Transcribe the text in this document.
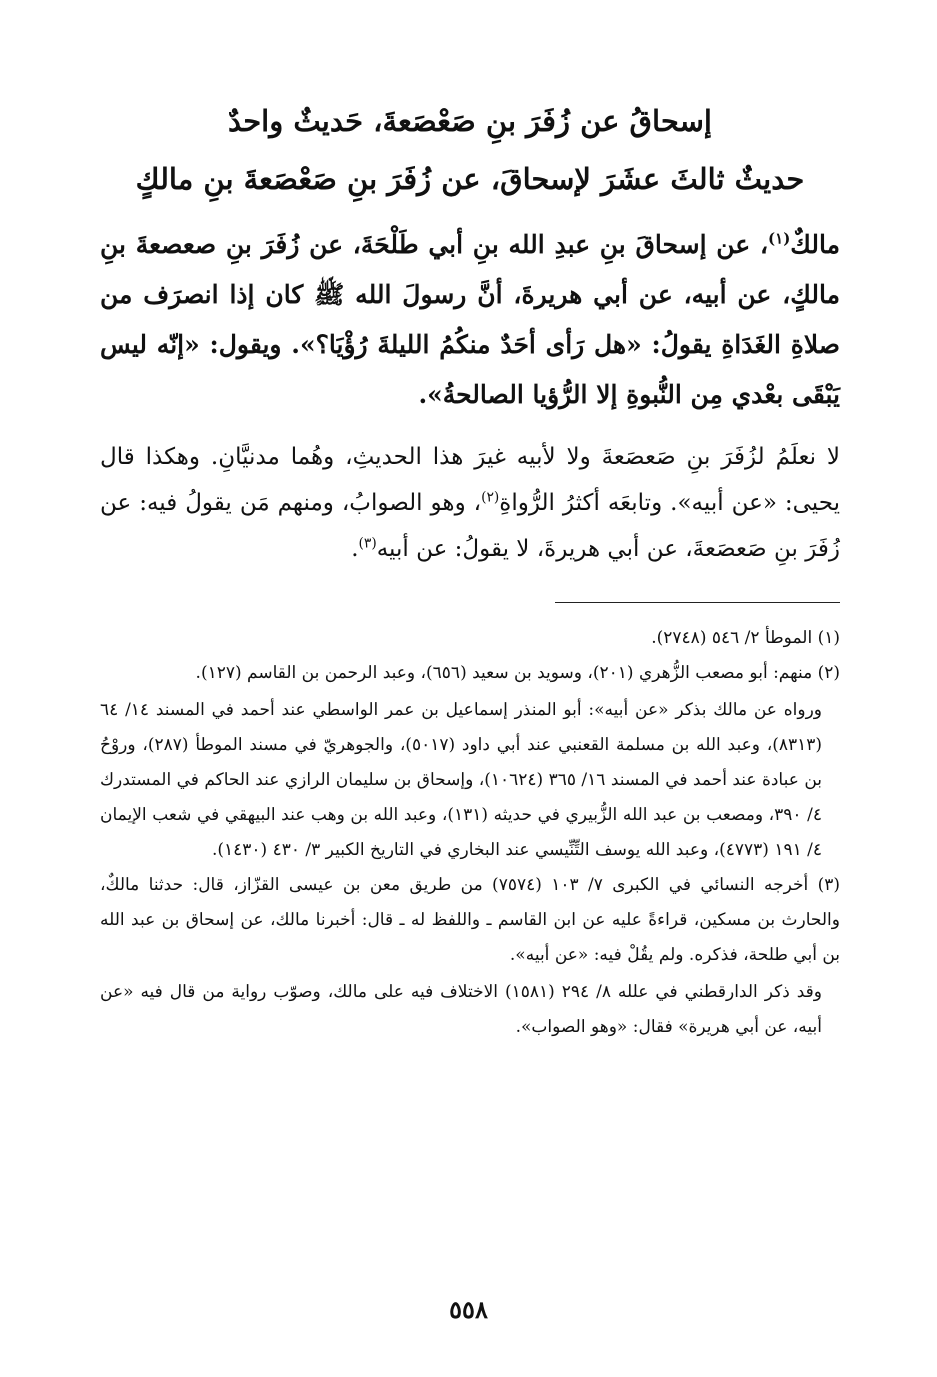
إسحاقُ عن زُفَرَ بنِ صَعْصَعةَ، حَديثٌ واحدٌ
حديثٌ ثالثَ عشَرَ لإسحاقَ، عن زُفَرَ بنِ صَعْصَعةَ بنِ مالكٍ

مالكٌ$^{(١)}$، عن إسحاقَ بنِ عبدِ الله بنِ أبي طَلْحَةَ، عن زُفَرَ بنِ صعصعةَ بنِ مالكٍ، عن أبيه، عن أبي هريرةَ، أنَّ رسولَ الله ﷺ كان إذا انصرَف من صلاةِ الغَدَاةِ يقولُ: «هل رَأى أحَدٌ منكُمُ الليلةَ رُؤْيَا؟». ويقول: «إنّه ليس يَبْقَى بعْدي مِن النُّبوةِ إلا الرُّؤيا الصالحةُ».

لا نعلَمُ لزُفَرَ بنِ صَعصَعةَ ولا لأبيه غيرَ هذا الحديثِ، وهُما مدنيَّانِ. وهكذا قال يحيى: «عن أبيه». وتابعَه أكثرُ الرُّواةِ$^{(٢)}$، وهو الصوابُ، ومنهم مَن يقولُ فيه: عن زُفَرَ بنِ صَعصَعةَ، عن أبي هريرةَ، لا يقولُ: عن أبيه$^{(٣)}$.

(١) الموطأ ٢/ ٥٤٦ (٢٧٤٨).

(٢) منهم: أبو مصعب الزُّهري (٢٠١)، وسويد بن سعيد (٦٥٦)، وعبد الرحمن بن القاسم (١٢٧).

ورواه عن مالك بذكر «عن أبيه»: أبو المنذر إسماعيل بن عمر الواسطي عند أحمد في المسند ١٤/ ٦٤ (٨٣١٣)، وعبد الله بن مسلمة القعنبي عند أبي داود (٥٠١٧)، والجوهريّ في مسند الموطأ (٢٨٧)، وروْحُ بن عبادة عند أحمد في المسند ١٦/ ٣٦٥ (١٠٦٢٤)، وإسحاق بن سليمان الرازي عند الحاكم في المستدرك ٤/ ٣٩٠، ومصعب بن عبد الله الزُّبيري في حديثه (١٣١)، وعبد الله بن وهب عند البيهقي في شعب الإيمان ٤/ ١٩١ (٤٧٧٣)، وعبد الله يوسف التِّنِّيسي عند البخاري في التاريخ الكبير ٣/ ٤٣٠ (١٤٣٠).

(٣) أخرجه النسائي في الكبرى ٧/ ١٠٣ (٧٥٧٤) من طريق معن بن عيسى القزّاز، قال: حدثنا مالكٌ، والحارث بن مسكين، قراءةً عليه عن ابن القاسم ـ واللفظ له ـ قال: أخبرنا مالك، عن إسحاق بن عبد الله بن أبي طلحة، فذكره. ولم يقُلْ فيه: «عن أبيه».

وقد ذكر الدارقطني في علله ٨/ ٢٩٤ (١٥٨١) الاختلاف فيه على مالك، وصوّب رواية من قال فيه «عن أبيه، عن أبي هريرة» فقال: «وهو الصواب».

٥٥٨
